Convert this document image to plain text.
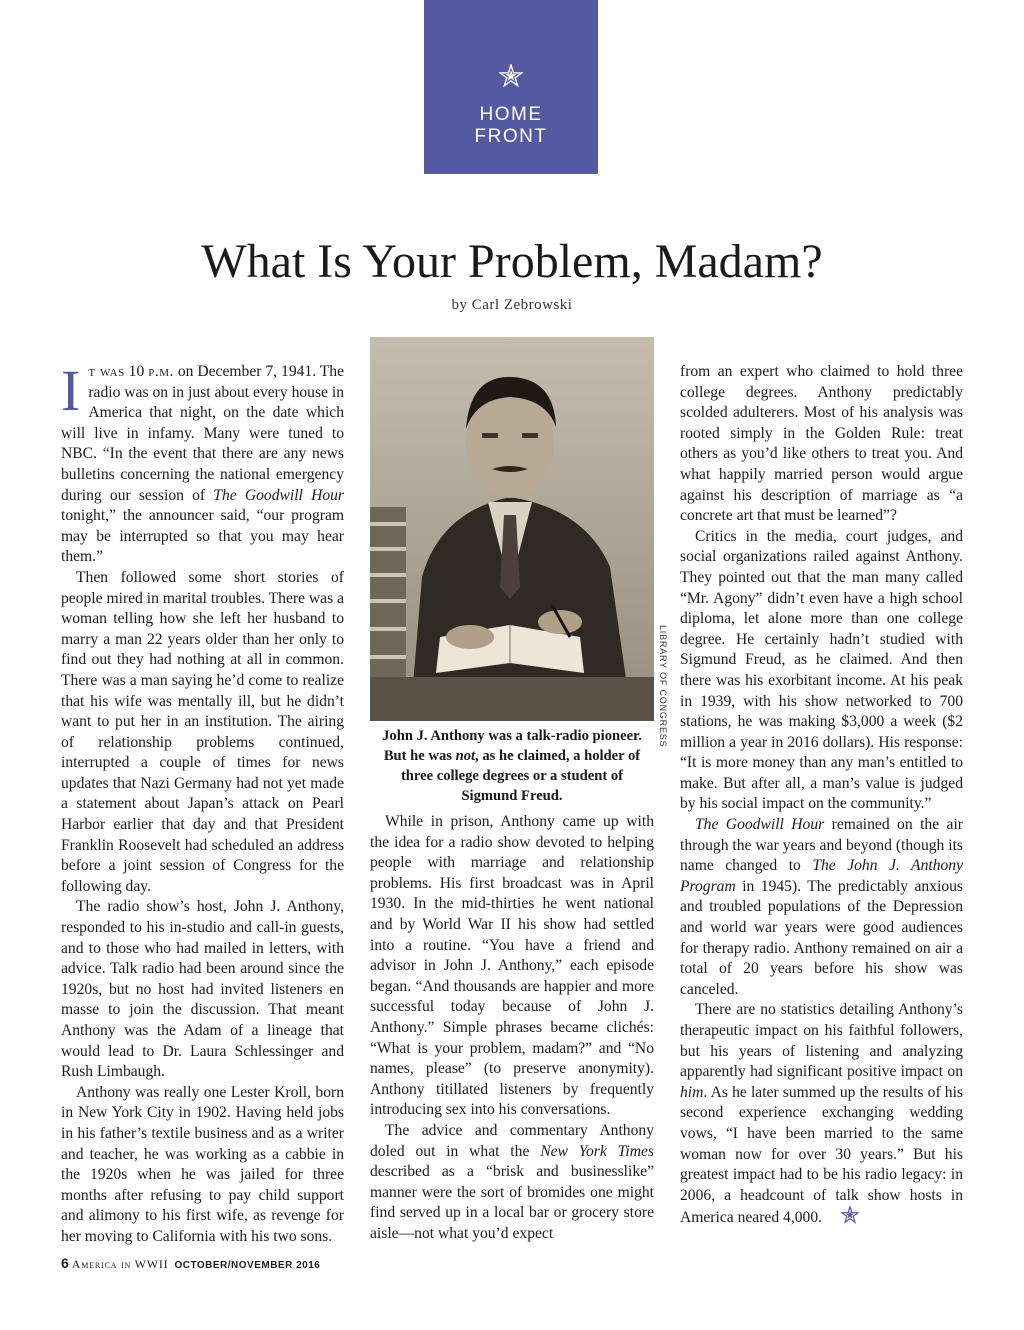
HOME
FRONT
What Is Your Problem, Madam?
by Carl Zebrowski

It was 10 p.m. on December 7, 1941. The radio was on in just about every house in America that night, on the date which will live in infamy. Many were tuned to NBC. “In the event that there are any news bulletins concerning the national emergency during our session of The Goodwill Hour tonight,” the announcer said, “our program may be interrupted so that you may hear them.”

Then followed some short stories of people mired in marital troubles. There was a woman telling how she left her husband to marry a man 22 years older than her only to find out they had nothing at all in common. There was a man saying he’d come to realize that his wife was mentally ill, but he didn’t want to put her in an institution. The airing of relationship problems continued, interrupted a couple of times for news updates that Nazi Germany had not yet made a statement about Japan’s attack on Pearl Harbor earlier that day and that President Franklin Roosevelt had scheduled an address before a joint session of Congress for the following day.

The radio show’s host, John J. Anthony, responded to his in-studio and call-in guests, and to those who had mailed in letters, with advice. Talk radio had been around since the 1920s, but no host had invited listeners en masse to join the discussion. That meant Anthony was the Adam of a lineage that would lead to Dr. Laura Schlessinger and Rush Limbaugh.

Anthony was really one Lester Kroll, born in New York City in 1902. Having held jobs in his father’s textile business and as a writer and teacher, he was working as a cabbie in the 1920s when he was jailed for three months after refusing to pay child support and alimony to his first wife, as revenge for her moving to California with his two sons.

LIBRARY OF CONGRESS
John J. Anthony was a talk-radio pioneer. But he was not, as he claimed, a holder of three college degrees or a student of Sigmund Freud.

While in prison, Anthony came up with the idea for a radio show devoted to helping people with marriage and relationship problems. His first broadcast was in April 1930. In the mid-thirties he went national and by World War II his show had settled into a routine. “You have a friend and advisor in John J. Anthony,” each episode began. “And thousands are happier and more successful today because of John J. Anthony.” Simple phrases became clichés: “What is your problem, madam?” and “No names, please” (to preserve anonymity). Anthony titillated listeners by frequently introducing sex into his conversations.

The advice and commentary Anthony doled out in what the New York Times described as a “brisk and businesslike” manner were the sort of bromides one might find served up in a local bar or grocery store aisle—not what you’d expect

from an expert who claimed to hold three college degrees. Anthony predictably scolded adulterers. Most of his analysis was rooted simply in the Golden Rule: treat others as you’d like others to treat you. And what happily married person would argue against his description of marriage as “a concrete art that must be learned”?

Critics in the media, court judges, and social organizations railed against Anthony. They pointed out that the man many called “Mr. Agony” didn’t even have a high school diploma, let alone more than one college degree. He certainly hadn’t studied with Sigmund Freud, as he claimed. And then there was his exorbitant income. At his peak in 1939, with his show networked to 700 stations, he was making $3,000 a week ($2 million a year in 2016 dollars). His response: “It is more money than any man’s entitled to make. But after all, a man’s value is judged by his social impact on the community.”

The Goodwill Hour remained on the air through the war years and beyond (though its name changed to The John J. Anthony Program in 1945). The predictably anxious and troubled populations of the Depression and world war years were good audiences for therapy radio. Anthony remained on air a total of 20 years before his show was canceled.

There are no statistics detailing Anthony’s therapeutic impact on his faithful followers, but his years of listening and analyzing apparently had significant positive impact on him. As he later summed up the results of his second experience exchanging wedding vows, “I have been married to the same woman now for over 30 years.” But his greatest impact had to be his radio legacy: in 2006, a headcount of talk show hosts in America neared 4,000.

6 America in WWII OCTOBER/NOVEMBER 2016
